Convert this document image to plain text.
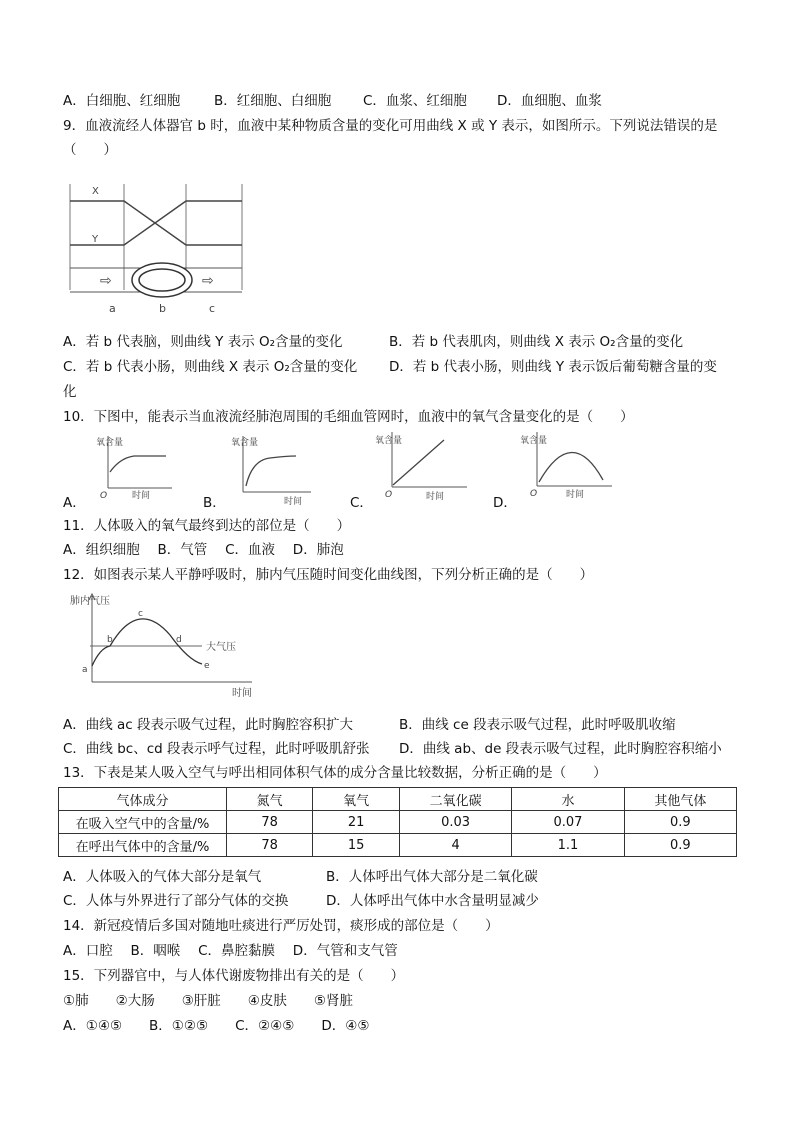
A．白细胞、红细胞	B．红细胞、白细胞 C．血浆、红细胞 D．血细胞、血浆
9．血液流经人体器官 b 时，血液中某种物质含量的变化可用曲线 X 或 Y 表示，如图所示。下列说法错误的是
（　　）
X
Y
⇨	⇨
a	b	c
A．若 b 代表脑，则曲线 Y 表示 O₂含量的变化	B．若 b 代表肌肉，则曲线 X 表示 O₂含量的变化
C．若 b 代表小肠，则曲线 X 表示 O₂含量的变化 D．若 b 代表小肠，则曲线 Y 表示饭后葡萄糖含量的变
化
10．下图中，能表示当血液流经肺泡周围的毛细血管网时，血液中的氧气含量变化的是（　　）
A．
氧含量
O	时间	B．
氧含量
时间	C．
氧含量
O	时间	D．
氧含量
O	时间
11．人体吸入的氧气最终到达的部位是（　　）
A．组织细胞　 B．气管　 C．血液　 D．肺泡
12．如图表示某人平静呼吸时，肺内气压随时间变化曲线图，下列分析正确的是（　　）
肺内气压
大气压
a
b
c
d
e
时间
A．曲线 ac 段表示吸气过程，此时胸腔容积扩大	B．曲线 ce 段表示吸气过程，此时呼吸肌收缩
C．曲线 bc、cd 段表示呼气过程，此时呼吸肌舒张 D．曲线 ab、de 段表示吸气过程，此时胸腔容积缩小
13．下表是某人吸入空气与呼出相同体积气体的成分含量比较数据，分析正确的是（　　）
气体成分	氮气	氧气	二氧化碳	水	其他气体
在吸入空气中的含量/%	78	21	0.03	0.07	0.9
在呼出气体中的含量/%	78	15	4	1.1	0.9
A．人体吸入的气体大部分是氧气	B．人体呼出气体大部分是二氧化碳
C．人体与外界进行了部分气体的交换	D．人体呼出气体中水含量明显减少
14．新冠疫情后多国对随地吐痰进行严厉处罚，痰形成的部位是（　　）
A．口腔　 B．咽喉　 C．鼻腔黏膜　 D．气管和支气管
15．下列器官中，与人体代谢废物排出有关的是（　　）
①肺　　②大肠　　③肝脏　　④皮肤　　⑤肾脏
A．①④⑤　　B．①②⑤　　C．②④⑤　　D．④⑤
